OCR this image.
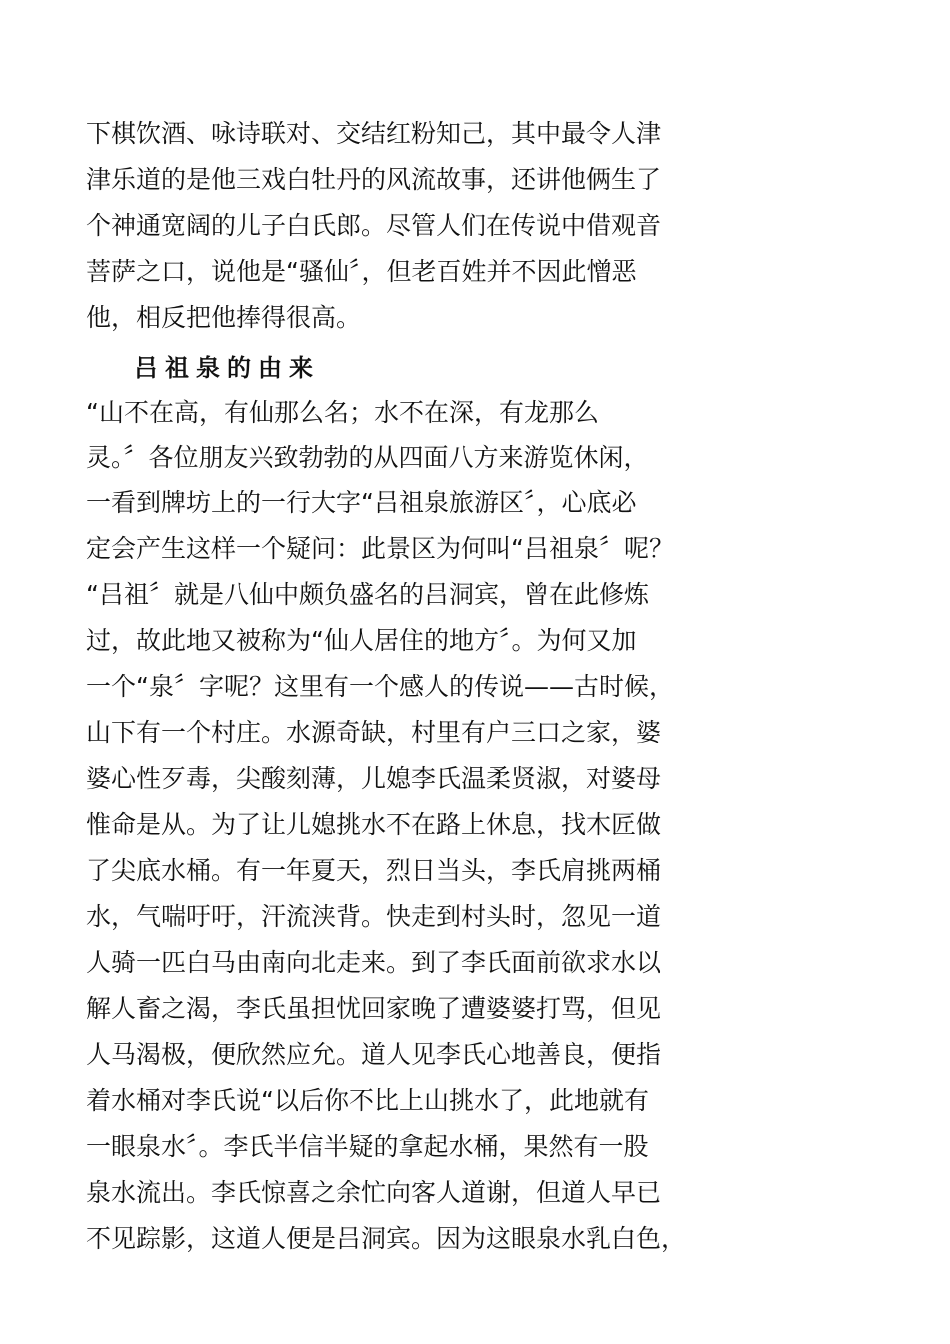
下棋饮酒、咏诗联对、交结红粉知己，其中最令人津
津乐道的是他三戏白牡丹的风流故事，还讲他俩生了
个神通宽阔的儿子白氏郎。尽管人们在传说中借观音
菩萨之口，说他是“骚仙〞，但老百姓并不因此憎恶
他，相反把他捧得很高。
吕祖泉的由来
“山不在高，有仙那么名；水不在深，有龙那么
灵。〞各位朋友兴致勃勃的从四面八方来游览休闲，
一看到牌坊上的一行大字“吕祖泉旅游区〞，心底必
定会产生这样一个疑问：此景区为何叫“吕祖泉〞呢？
“吕祖〞就是八仙中颇负盛名的吕洞宾，曾在此修炼
过，故此地又被称为“仙人居住的地方〞。为何又加
一个“泉〞字呢？这里有一个感人的传说——古时候，
山下有一个村庄。水源奇缺，村里有户三口之家，婆
婆心性歹毒，尖酸刻薄，儿媳李氏温柔贤淑，对婆母
惟命是从。为了让儿媳挑水不在路上休息，找木匠做
了尖底水桶。有一年夏天，烈日当头，李氏肩挑两桶
水，气喘吁吁，汗流浃背。快走到村头时，忽见一道
人骑一匹白马由南向北走来。到了李氏面前欲求水以
解人畜之渴，李氏虽担忧回家晚了遭婆婆打骂，但见
人马渴极，便欣然应允。道人见李氏心地善良，便指
着水桶对李氏说“以后你不比上山挑水了，此地就有
一眼泉水〞。李氏半信半疑的拿起水桶，果然有一股
泉水流出。李氏惊喜之余忙向客人道谢，但道人早已
不见踪影，这道人便是吕洞宾。因为这眼泉水乳白色，
